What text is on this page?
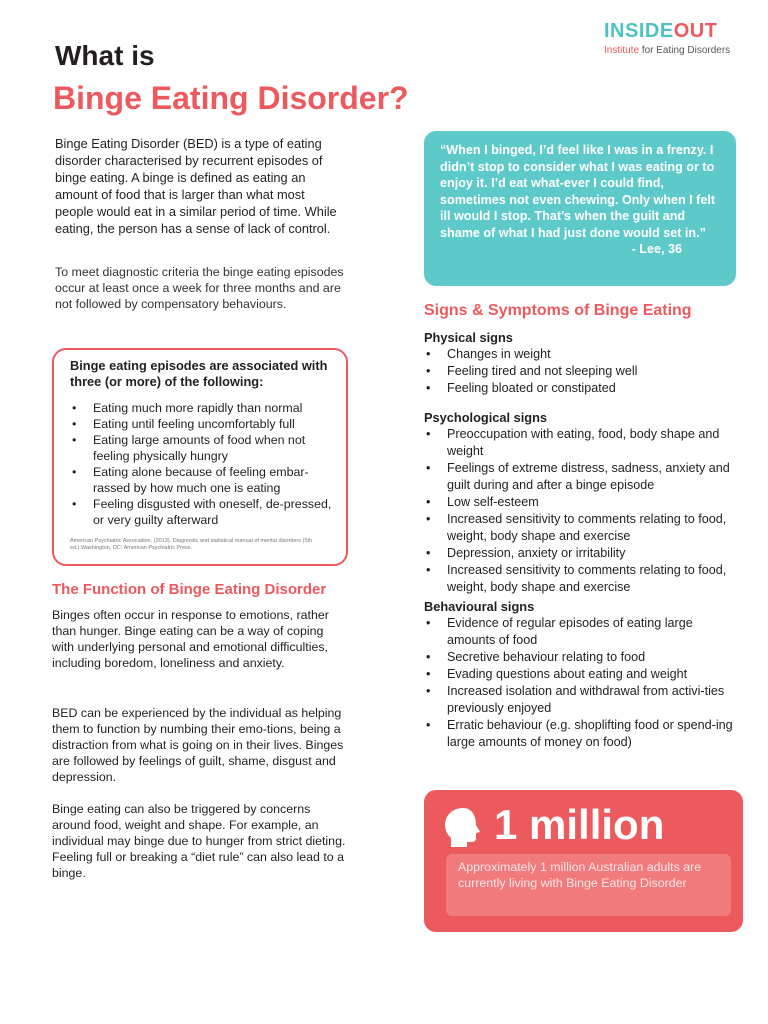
What is
Binge Eating Disorder?
INSIDEOUT
Institute for Eating Disorders
Binge Eating Disorder (BED) is a type of eating disorder characterised by recurrent episodes of binge eating. A binge is defined as eating an amount of food that is larger than what most people would eat in a similar period of time. While eating, the person has a sense of lack of control.
To meet diagnostic criteria the binge eating episodes occur at least once a week for three months and are not followed by compensatory behaviours.
Binge eating episodes are associated with three (or more) of the following:
• Eating much more rapidly than normal
• Eating until feeling uncomfortably full
• Eating large amounts of food when not feeling physically hungry
• Eating alone because of feeling embar-rassed by how much one is eating
• Feeling disgusted with oneself, de-pressed, or very guilty afterward
American Psychiatric Association. (2013). Diagnostic and statistical manual of mental disorders (5th ed.).Washington, DC: American Psychiatric Press.
The Function of Binge Eating Disorder
Binges often occur in response to emotions, rather than hunger. Binge eating can be a way of coping with underlying personal and emotional difficulties, including boredom, loneliness and anxiety.
BED can be experienced by the individual as helping them to function by numbing their emo-tions, being a distraction from what is going on in their lives. Binges are followed by feelings of guilt, shame, disgust and depression.
Binge eating can also be triggered by concerns around food, weight and shape. For example, an individual may binge due to hunger from strict dieting. Feeling full or breaking a “diet rule” can also lead to a binge.
“When I binged, I’d feel like I was in a frenzy. I didn’t stop to consider what I was eating or to enjoy it. I’d eat what-ever I could find, sometimes not even chewing. Only when I felt ill would I stop. That’s when the guilt and shame of what I had just done would set in.”
- Lee, 36
Signs & Symptoms of Binge Eating
Physical signs
• Changes in weight
• Feeling tired and not sleeping well
• Feeling bloated or constipated
Psychological signs
• Preoccupation with eating, food, body shape and weight
• Feelings of extreme distress, sadness, anxiety and guilt during and after a binge episode
• Low self-esteem
• Increased sensitivity to comments relating to food, weight, body shape and exercise
• Depression, anxiety or irritability
• Increased sensitivity to comments relating to food, weight, body shape and exercise
Behavioural signs
• Evidence of regular episodes of eating large amounts of food
• Secretive behaviour relating to food
• Evading questions about eating and weight
• Increased isolation and withdrawal from activi-ties previously enjoyed
• Erratic behaviour (e.g. shoplifting food or spend-ing large amounts of money on food)
1 million
Approximately 1 million Australian adults are currently living with Binge Eating Disorder
